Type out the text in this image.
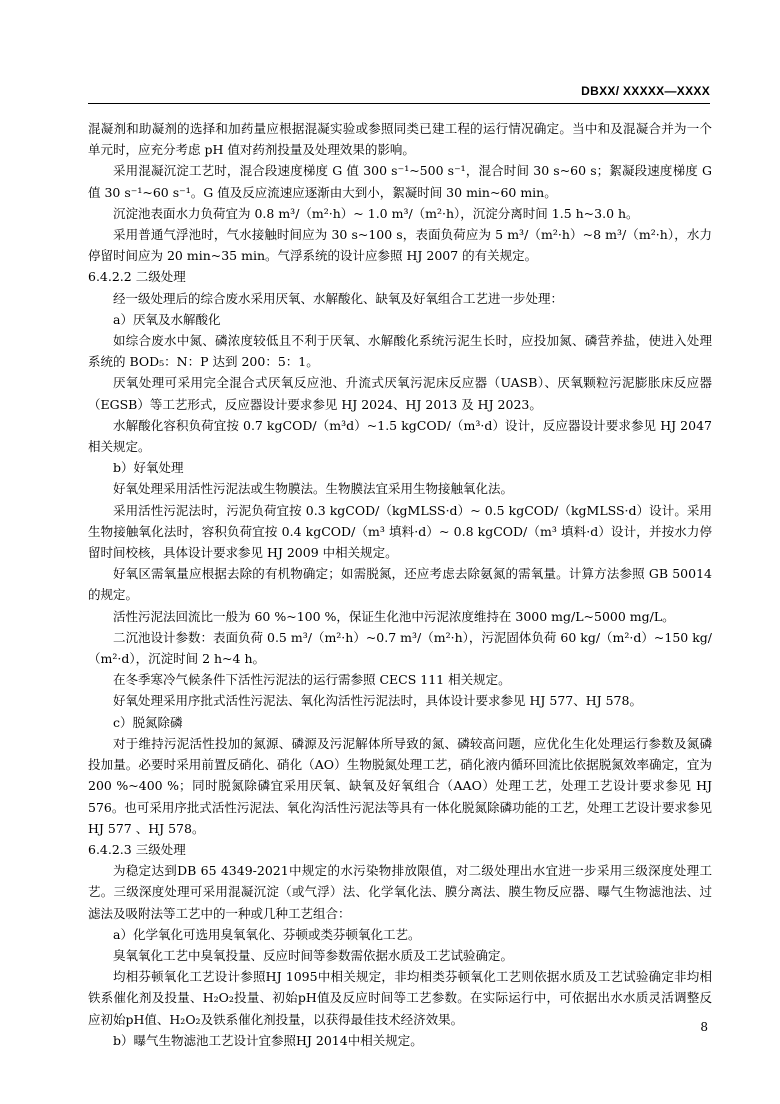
DBXX/ XXXXX—XXXX

混凝剂和助凝剂的选择和加药量应根据混凝实验或参照同类已建工程的运行情况确定。当中和及混凝合并为一个单元时，应充分考虑 pH 值对药剂投量及处理效果的影响。

采用混凝沉淀工艺时，混合段速度梯度 G 值 300 s⁻¹~500 s⁻¹，混合时间 30 s~60 s；絮凝段速度梯度 G 值 30 s⁻¹~60 s⁻¹。G 值及反应流速应逐渐由大到小，絮凝时间 30 min~60 min。

沉淀池表面水力负荷宜为 0.8 m³/（m²·h）~ 1.0 m³/（m²·h），沉淀分离时间 1.5 h~3.0 h。

采用普通气浮池时，气水接触时间应为 30 s~100 s，表面负荷应为 5 m³/（m²·h）~8 m³/（m²·h），水力停留时间应为 20 min~35 min。气浮系统的设计应参照 HJ 2007 的有关规定。

6.4.2.2 二级处理

经一级处理后的综合废水采用厌氧、水解酸化、缺氧及好氧组合工艺进一步处理：

a）厌氧及水解酸化

如综合废水中氮、磷浓度较低且不利于厌氧、水解酸化系统污泥生长时，应投加氮、磷营养盐，使进入处理系统的 BOD₅：N：P 达到 200：5：1。

厌氧处理可采用完全混合式厌氧反应池、升流式厌氧污泥床反应器（UASB）、厌氧颗粒污泥膨胀床反应器（EGSB）等工艺形式，反应器设计要求参见 HJ 2024、HJ 2013 及 HJ 2023。

水解酸化容积负荷宜按 0.7 kgCOD/（m³d）~1.5 kgCOD/（m³·d）设计，反应器设计要求参见 HJ 2047 相关规定。

b）好氧处理

好氧处理采用活性污泥法或生物膜法。生物膜法宜采用生物接触氧化法。

采用活性污泥法时，污泥负荷宜按 0.3 kgCOD/（kgMLSS·d）~ 0.5 kgCOD/（kgMLSS·d）设计。采用生物接触氧化法时，容积负荷宜按 0.4 kgCOD/（m³ 填料·d）~ 0.8 kgCOD/（m³ 填料·d）设计，并按水力停留时间校核，具体设计要求参见 HJ 2009 中相关规定。

好氧区需氧量应根据去除的有机物确定；如需脱氮，还应考虑去除氨氮的需氧量。计算方法参照 GB 50014 的规定。

活性污泥法回流比一般为 60 %~100 %，保证生化池中污泥浓度维持在 3000 mg/L~5000 mg/L。

二沉池设计参数：表面负荷 0.5 m³/（m²·h）~0.7 m³/（m²·h），污泥固体负荷 60 kg/（m²·d）~150 kg/（m²·d），沉淀时间 2 h~4 h。

在冬季寒冷气候条件下活性污泥法的运行需参照 CECS 111 相关规定。

好氧处理采用序批式活性污泥法、氧化沟活性污泥法时，具体设计要求参见 HJ 577、HJ 578。

c）脱氮除磷

对于维持污泥活性投加的氮源、磷源及污泥解体所导致的氮、磷较高问题，应优化生化处理运行参数及氮磷投加量。必要时采用前置反硝化、硝化（AO）生物脱氮处理工艺，硝化液内循环回流比依据脱氮效率确定，宜为 200 %~400 %；同时脱氮除磷宜采用厌氧、缺氧及好氧组合（AAO）处理工艺，处理工艺设计要求参见 HJ 576。也可采用序批式活性污泥法、氧化沟活性污泥法等具有一体化脱氮除磷功能的工艺，处理工艺设计要求参见 HJ 577 、HJ 578。

6.4.2.3 三级处理

为稳定达到DB 65 4349-2021中规定的水污染物排放限值，对二级处理出水宜进一步采用三级深度处理工艺。三级深度处理可采用混凝沉淀（或气浮）法、化学氧化法、膜分离法、膜生物反应器、曝气生物滤池法、过滤法及吸附法等工艺中的一种或几种工艺组合：

a）化学氧化可选用臭氧氧化、芬顿或类芬顿氧化工艺。

臭氧氧化工艺中臭氧投量、反应时间等参数需依据水质及工艺试验确定。

均相芬顿氧化工艺设计参照HJ 1095中相关规定，非均相类芬顿氧化工艺则依据水质及工艺试验确定非均相铁系催化剂及投量、H₂O₂投量、初始pH值及反应时间等工艺参数。在实际运行中，可依据出水水质灵活调整反应初始pH值、H₂O₂及铁系催化剂投量，以获得最佳技术经济效果。

b）曝气生物滤池工艺设计宜参照HJ 2014中相关规定。

8
